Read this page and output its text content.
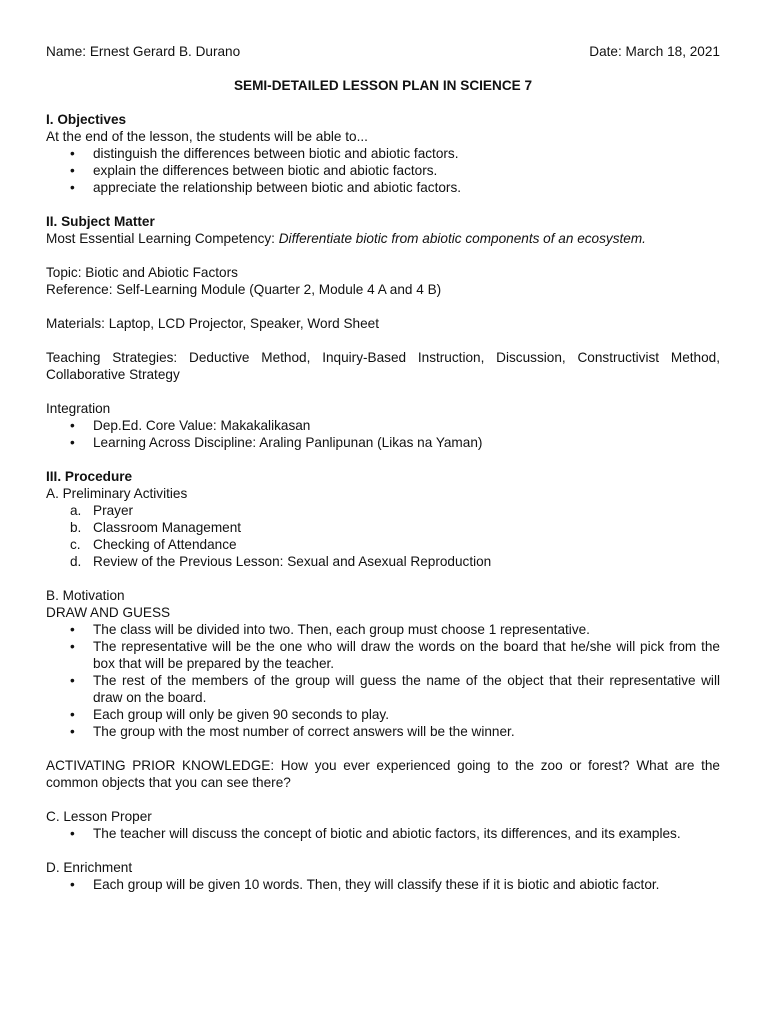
Name: Ernest Gerard B. Durano	Date: March 18, 2021
SEMI-DETAILED LESSON PLAN IN SCIENCE 7
I. Objectives

At the end of the lesson, the students will be able to...

• distinguish the differences between biotic and abiotic factors.
• explain the differences between biotic and abiotic factors.
• appreciate the relationship between biotic and abiotic factors.
II. Subject Matter

Most Essential Learning Competency: Differentiate biotic from abiotic components of an ecosystem.

Topic: Biotic and Abiotic Factors

Reference: Self-Learning Module (Quarter 2, Module 4 A and 4 B)

Materials: Laptop, LCD Projector, Speaker, Word Sheet

Teaching Strategies: Deductive Method, Inquiry-Based Instruction, Discussion, Constructivist Method, Collaborative Strategy

Integration

• Dep.Ed. Core Value: Makakalikasan
• Learning Across Discipline: Araling Panlipunan (Likas na Yaman)
III. Procedure

A. Preliminary Activities

a. Prayer
b. Classroom Management
c. Checking of Attendance
d. Review of the Previous Lesson: Sexual and Asexual Reproduction

B. Motivation

DRAW AND GUESS

• The class will be divided into two. Then, each group must choose 1 representative.
• The representative will be the one who will draw the words on the board that he/she will pick from the box that will be prepared by the teacher.
• The rest of the members of the group will guess the name of the object that their representative will draw on the board.
• Each group will only be given 90 seconds to play.
• The group with the most number of correct answers will be the winner.

ACTIVATING PRIOR KNOWLEDGE: How you ever experienced going to the zoo or forest? What are the common objects that you can see there?

C. Lesson Proper

• The teacher will discuss the concept of biotic and abiotic factors, its differences, and its examples.

D. Enrichment

• Each group will be given 10 words. Then, they will classify these if it is biotic and abiotic factor.
